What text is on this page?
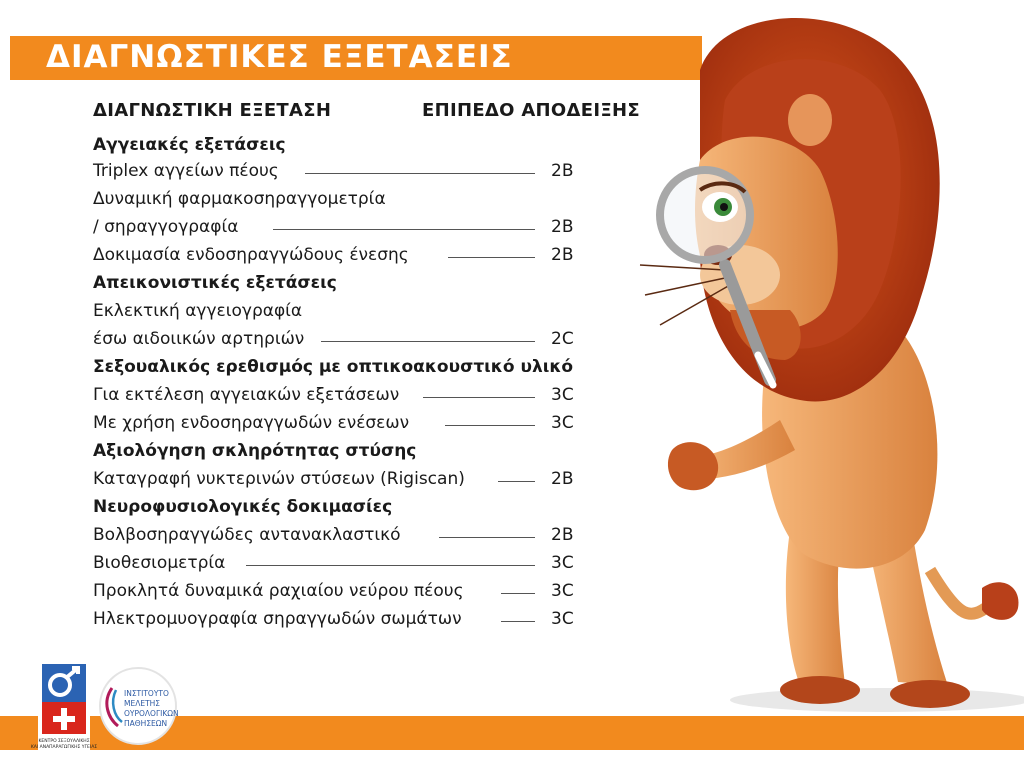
ΔΙΑΓΝΩΣΤΙΚΕΣ ΕΞΕΤΑΣΕΙΣ
ΔΙΑΓΝΩΣΤΙΚΗ ΕΞΕΤΑΣΗ	ΕΠΙΠΕΔΟ ΑΠΟΔΕΙΞΗΣ
Αγγειακές εξετάσεις
Triplex αγγείων πέους	2B
Δυναμική φαρμακοσηραγγομετρία
/ σηραγγογραφία	2B
Δοκιμασία ενδοσηραγγώδους ένεσης	2B
Απεικονιστικές εξετάσεις
Εκλεκτική αγγειογραφία
έσω αιδοιικών αρτηριών	2C
Σεξουαλικός ερεθισμός με οπτικοακουστικό υλικό
Για εκτέλεση αγγειακών εξετάσεων	3C
Με χρήση ενδοσηραγγωδών ενέσεων	3C
Αξιολόγηση σκληρότητας στύσης
Καταγραφή νυκτερινών στύσεων (Rigiscan)	2B
Νευροφυσιολογικές δοκιμασίες
Βολβοσηραγγώδες αντανακλαστικό	2B
Βιοθεσιομετρία	3C
Προκλητά δυναμικά ραχιαίου νεύρου πέους	3C
Ηλεκτρομυογραφία σηραγγωδών σωμάτων	3C
ΚΕΝΤΡΟ ΣΕΞΟΥΑΛΙΚΗΣ
ΚΑΙ ΑΝΑΠΑΡΑΓΩΓΙΚΗΣ ΥΓΕΙΑΣ
ΙΝΣΤΙΤΟΥΤΟ
ΜΕΛΕΤΗΣ
ΟΥΡΟΛΟΓΙΚΩΝ
ΠΑΘΗΣΕΩΝ
